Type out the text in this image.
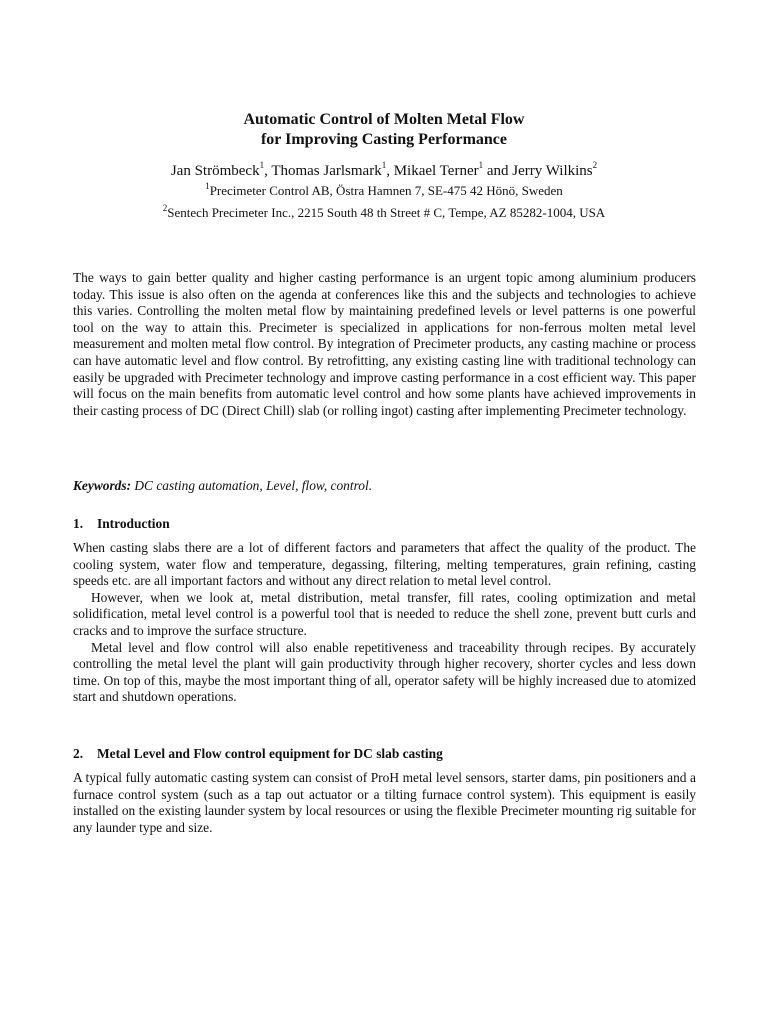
Automatic Control of Molten Metal Flow
for Improving Casting Performance
Jan Strömbeck$^1$, Thomas Jarlsmark$^1$, Mikael Terner$^1$ and Jerry Wilkins$^2$
$^1$Precimeter Control AB, Östra Hamnen 7, SE-475 42 Hönö, Sweden
$^2$Sentech Precimeter Inc., 2215 South 48 th Street # C, Tempe, AZ 85282-1004, USA

The ways to gain better quality and higher casting performance is an urgent topic among aluminium producers today. This issue is also often on the agenda at conferences like this and the subjects and technologies to achieve this varies. Controlling the molten metal flow by maintaining predefined levels or level patterns is one powerful tool on the way to attain this. Precimeter is specialized in applications for non-ferrous molten metal level measurement and molten metal flow control. By integration of Precimeter products, any casting machine or process can have automatic level and flow control. By retrofitting, any existing casting line with traditional technology can easily be upgraded with Precimeter technology and improve casting performance in a cost efficient way. This paper will focus on the main benefits from automatic level control and how some plants have achieved improvements in their casting process of DC (Direct Chill) slab (or rolling ingot) casting after implementing Precimeter technology.

Keywords: DC casting automation, Level, flow, control.

1. Introduction

When casting slabs there are a lot of different factors and parameters that affect the quality of the product. The cooling system, water flow and temperature, degassing, filtering, melting temperatures, grain refining, casting speeds etc. are all important factors and without any direct relation to metal level control.

However, when we look at, metal distribution, metal transfer, fill rates, cooling optimization and metal solidification, metal level control is a powerful tool that is needed to reduce the shell zone, prevent butt curls and cracks and to improve the surface structure.

Metal level and flow control will also enable repetitiveness and traceability through recipes. By accurately controlling the metal level the plant will gain productivity through higher recovery, shorter cycles and less down time. On top of this, maybe the most important thing of all, operator safety will be highly increased due to atomized start and shutdown operations.

2. Metal Level and Flow control equipment for DC slab casting

A typical fully automatic casting system can consist of ProH metal level sensors, starter dams, pin positioners and a furnace control system (such as a tap out actuator or a tilting furnace control system). This equipment is easily installed on the existing launder system by local resources or using the flexible Precimeter mounting rig suitable for any launder type and size.
